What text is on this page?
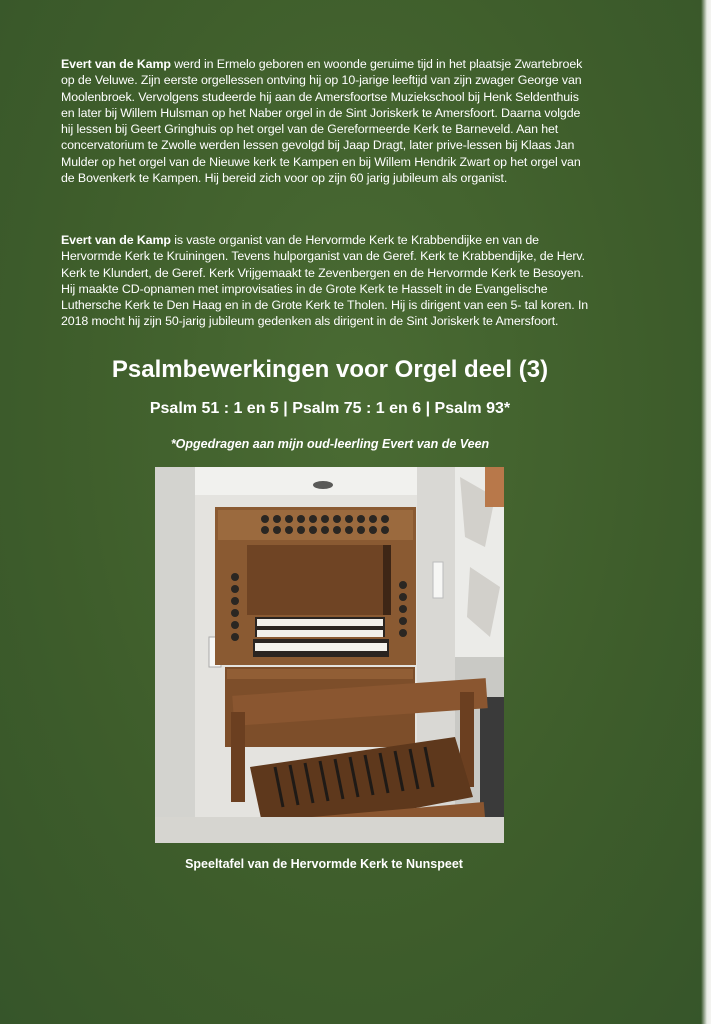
Evert van de Kamp werd in Ermelo geboren en woonde geruime tijd in het plaatsje Zwartebroek op de Veluwe. Zijn eerste orgellessen ontving hij op 10-jarige leeftijd van zijn zwager George van Moolenbroek. Vervolgens studeerde hij aan de Amersfoortse Muziekschool bij Henk Seldenthuis en later bij Willem Hulsman op het Naber orgel in de Sint Joriskerk te Amersfoort. Daarna volgde hij lessen bij Geert Gringhuis op het orgel van de Gereformeerde Kerk te Barneveld. Aan het concervatorium te Zwolle werden lessen gevolgd bij Jaap Dragt, later prive-lessen bij Klaas Jan Mulder op het orgel van de Nieuwe kerk te Kampen en bij Willem Hendrik Zwart op het orgel van de Bovenkerk te Kampen. Hij bereid zich voor op zijn 60 jarig jubileum als organist.
Evert van de Kamp is vaste organist van de Hervormde Kerk te Krabbendijke en van de Hervormde Kerk te Kruiningen. Tevens hulporganist van de Geref. Kerk te Krabbendijke, de Herv. Kerk te Klundert, de Geref. Kerk Vrijgemaakt te Zevenbergen en de Hervormde Kerk te Besoyen. Hij maakte CD-opnamen met improvisaties in de Grote Kerk te Hasselt in de Evangelische Luthersche Kerk te Den Haag en in de Grote Kerk te Tholen. Hij is dirigent van een 5- tal koren. In 2018 mocht hij zijn 50-jarig jubileum gedenken als dirigent in de Sint Joriskerk te Amersfoort.
Psalmbewerkingen voor Orgel deel (3)
Psalm 51 : 1 en 5 | Psalm 75 : 1 en 6 | Psalm 93*
*Opgedragen aan mijn oud-leerling Evert van de Veen
Speeltafel van de Hervormde Kerk te Nunspeet
